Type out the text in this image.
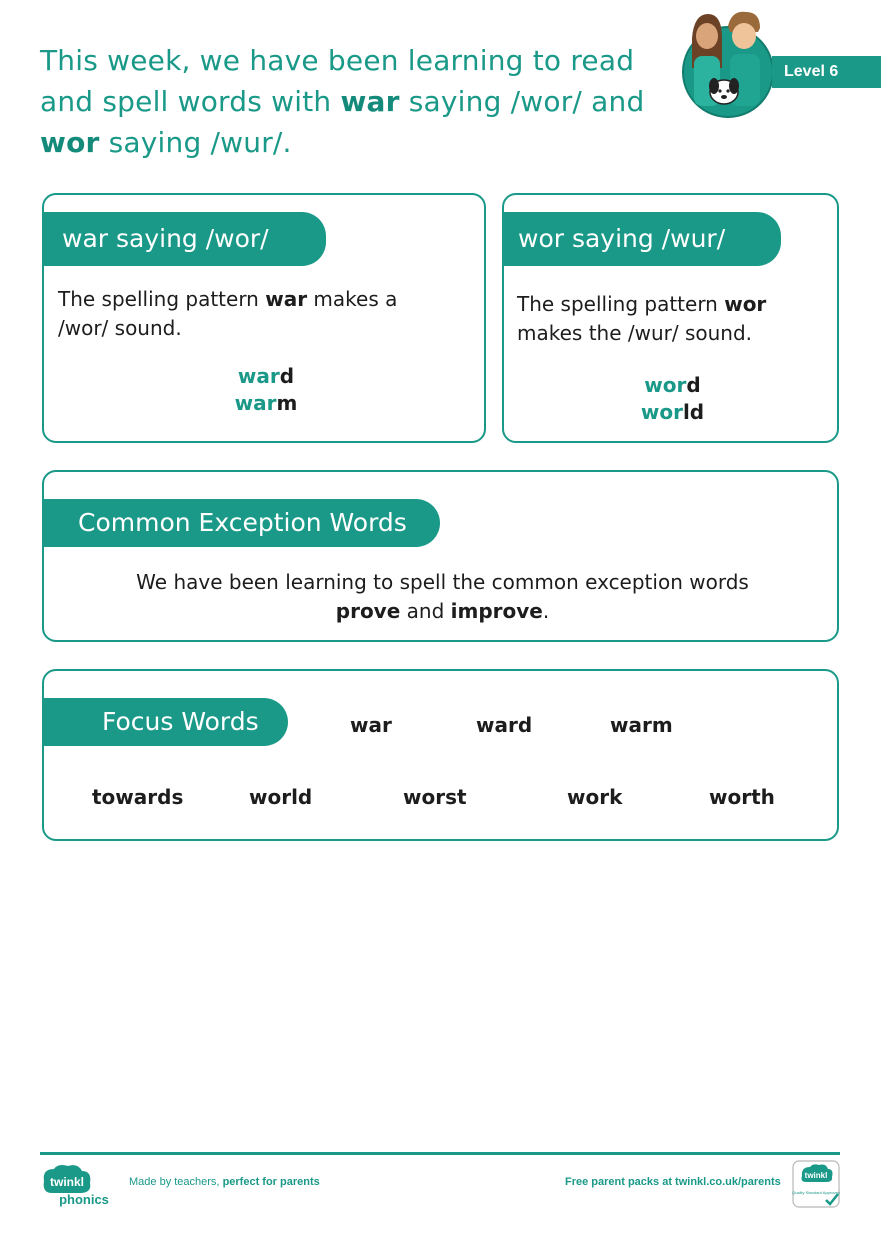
This week, we have been learning to read
and spell words with war saying /wor/ and
wor saying /wur/.
Level 6
war saying /wor/
The spelling pattern war makes a
/wor/ sound.
ward
warm
wor saying /wur/
The spelling pattern wor
makes the /wur/ sound.
word
world
Common Exception Words
We have been learning to spell the common exception words
prove and improve.
Focus Words	war	ward	warm
towards	world	worst	work	worth
twinkl
phonics
Made by teachers, perfect for parents	Free parent packs at twinkl.co.uk/parents
twinkl
Quality Standard Approved
